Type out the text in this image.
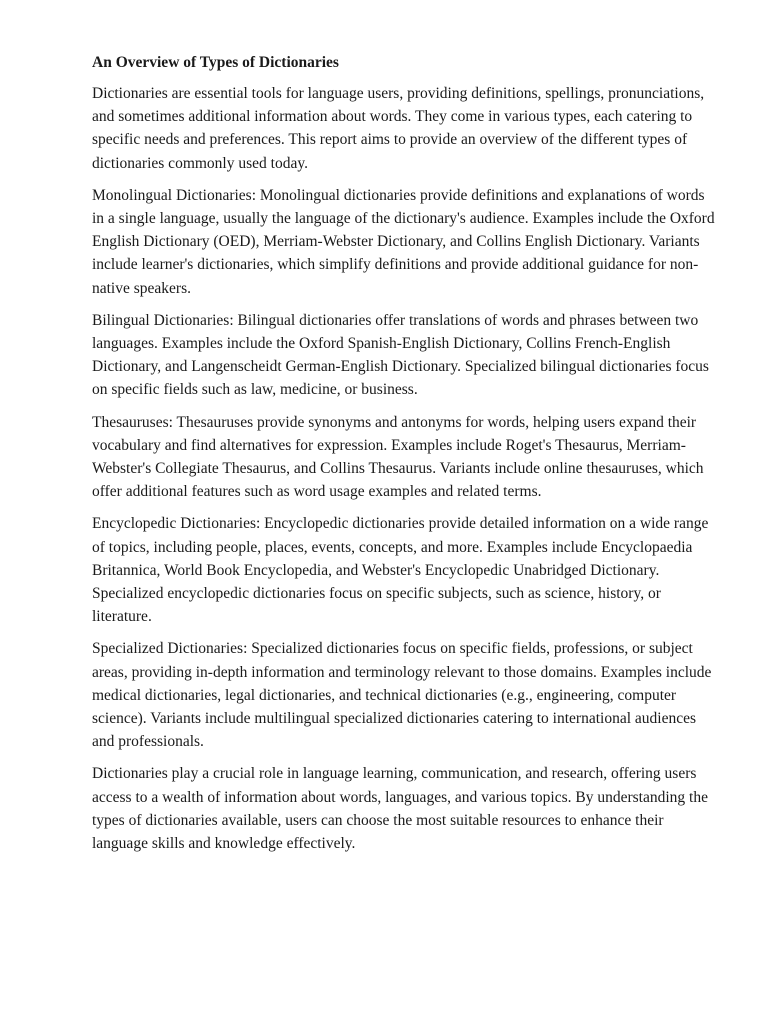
An Overview of Types of Dictionaries

Dictionaries are essential tools for language users, providing definitions, spellings, pronunciations, and sometimes additional information about words. They come in various types, each catering to specific needs and preferences. This report aims to provide an overview of the different types of dictionaries commonly used today.

Monolingual Dictionaries: Monolingual dictionaries provide definitions and explanations of words in a single language, usually the language of the dictionary's audience. Examples include the Oxford English Dictionary (OED), Merriam-Webster Dictionary, and Collins English Dictionary. Variants include learner's dictionaries, which simplify definitions and provide additional guidance for non-native speakers.

Bilingual Dictionaries: Bilingual dictionaries offer translations of words and phrases between two languages. Examples include the Oxford Spanish-English Dictionary, Collins French-English Dictionary, and Langenscheidt German-English Dictionary. Specialized bilingual dictionaries focus on specific fields such as law, medicine, or business.

Thesauruses: Thesauruses provide synonyms and antonyms for words, helping users expand their vocabulary and find alternatives for expression. Examples include Roget's Thesaurus, Merriam-Webster's Collegiate Thesaurus, and Collins Thesaurus. Variants include online thesauruses, which offer additional features such as word usage examples and related terms.

Encyclopedic Dictionaries: Encyclopedic dictionaries provide detailed information on a wide range of topics, including people, places, events, concepts, and more. Examples include Encyclopaedia Britannica, World Book Encyclopedia, and Webster's Encyclopedic Unabridged Dictionary. Specialized encyclopedic dictionaries focus on specific subjects, such as science, history, or literature.

Specialized Dictionaries: Specialized dictionaries focus on specific fields, professions, or subject areas, providing in-depth information and terminology relevant to those domains. Examples include medical dictionaries, legal dictionaries, and technical dictionaries (e.g., engineering, computer science). Variants include multilingual specialized dictionaries catering to international audiences and professionals.

Dictionaries play a crucial role in language learning, communication, and research, offering users access to a wealth of information about words, languages, and various topics. By understanding the types of dictionaries available, users can choose the most suitable resources to enhance their language skills and knowledge effectively.
